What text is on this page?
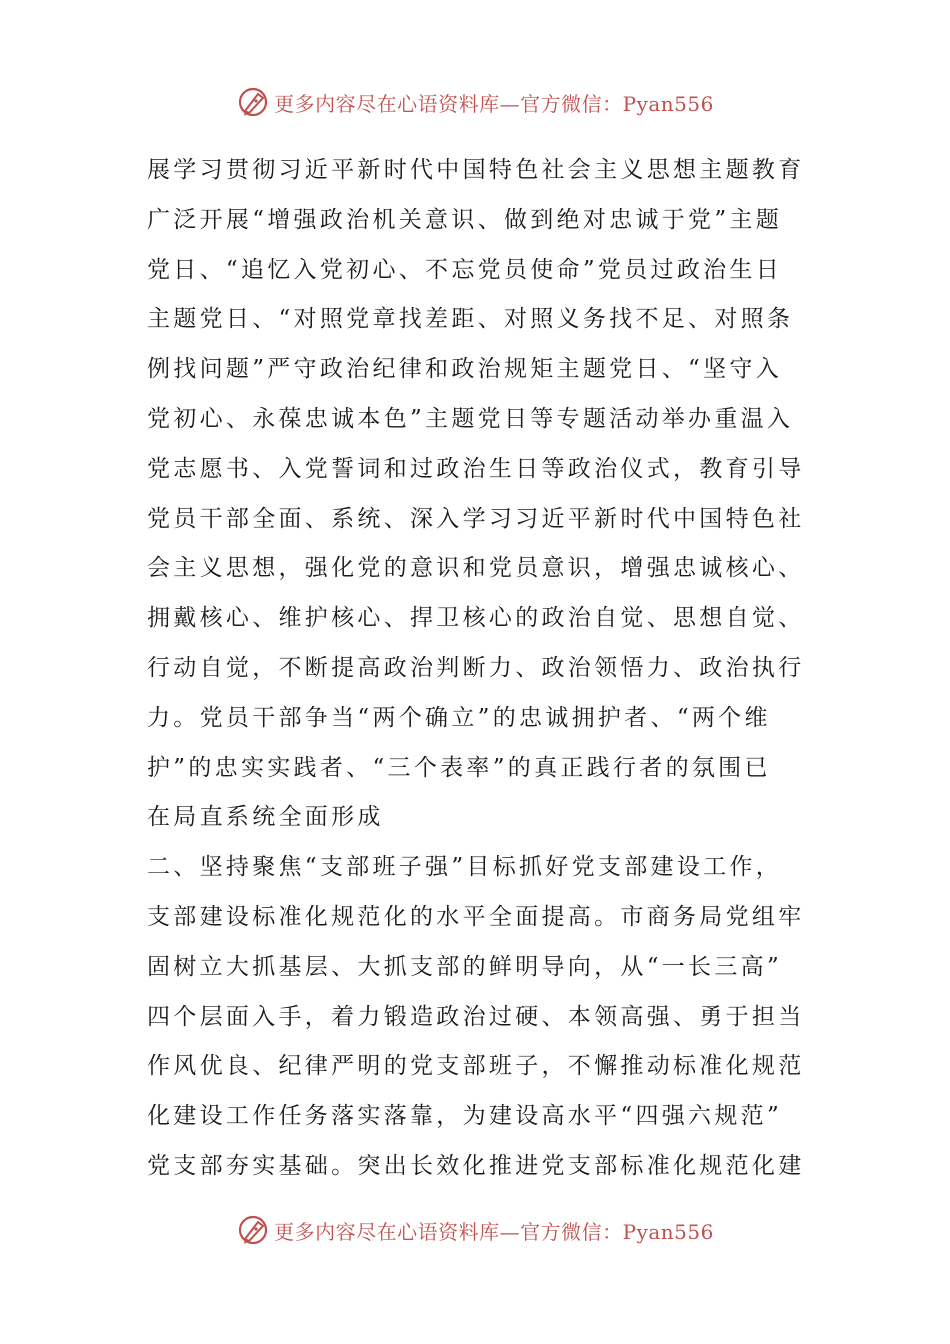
更多内容尽在心语资料库—官方微信：Pyan556
展学习贯彻习近平新时代中国特色社会主义思想主题教育
广泛开展“增强政治机关意识、做到绝对忠诚于党”主题
党日、“追忆入党初心、不忘党员使命”党员过政治生日
主题党日、“对照党章找差距、对照义务找不足、对照条
例找问题”严守政治纪律和政治规矩主题党日、“坚守入
党初心、永葆忠诚本色”主题党日等专题活动举办重温入
党志愿书、入党誓词和过政治生日等政治仪式，教育引导
党员干部全面、系统、深入学习习近平新时代中国特色社
会主义思想，强化党的意识和党员意识，增强忠诚核心、
拥戴核心、维护核心、捍卫核心的政治自觉、思想自觉、
行动自觉，不断提高政治判断力、政治领悟力、政治执行
力。党员干部争当“两个确立”的忠诚拥护者、“两个维
护”的忠实实践者、“三个表率”的真正践行者的氛围已
在局直系统全面形成
二、坚持聚焦“支部班子强”目标抓好党支部建设工作，
支部建设标准化规范化的水平全面提高。市商务局党组牢
固树立大抓基层、大抓支部的鲜明导向，从“一长三高”
四个层面入手，着力锻造政治过硬、本领高强、勇于担当
作风优良、纪律严明的党支部班子，不懈推动标准化规范
化建设工作任务落实落靠，为建设高水平“四强六规范”
党支部夯实基础。突出长效化推进党支部标准化规范化建
更多内容尽在心语资料库—官方微信：Pyan556
